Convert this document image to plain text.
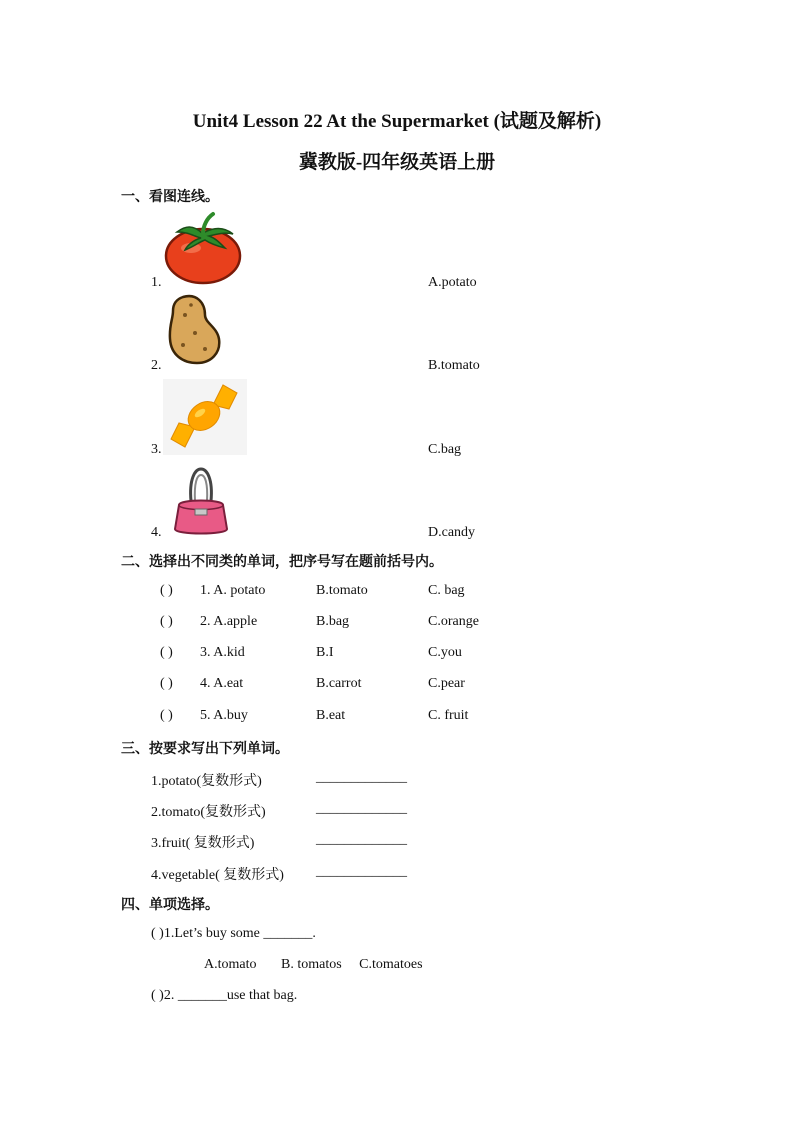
Unit4 Lesson 22 At the Supermarket (试题及解析)
冀教版-四年级英语上册
一、看图连线。
1.	A.potato
2.	B.tomato
3.	C.bag
4.	D.candy
二、选择出不同类的单词，把序号写在题前括号内。
( ) 1. A. potato	B.tomato	C. bag
( ) 2. A.apple	B.bag	C.orange
( ) 3. A.kid	B.I	C.you
( ) 4. A.eat	B.carrot	C.pear
( ) 5. A.buy	B.eat	C. fruit
三、按要求写出下列单词。
1.potato(复数形式)	_____________
2.tomato(复数形式)	_____________
3.fruit( 复数形式)	_____________
4.vegetable( 复数形式) _____________
四、单项选择。
( )1.Let’s buy some _______.
A.tomato       B. tomatos     C.tomatoes
( )2. _______use that bag.
